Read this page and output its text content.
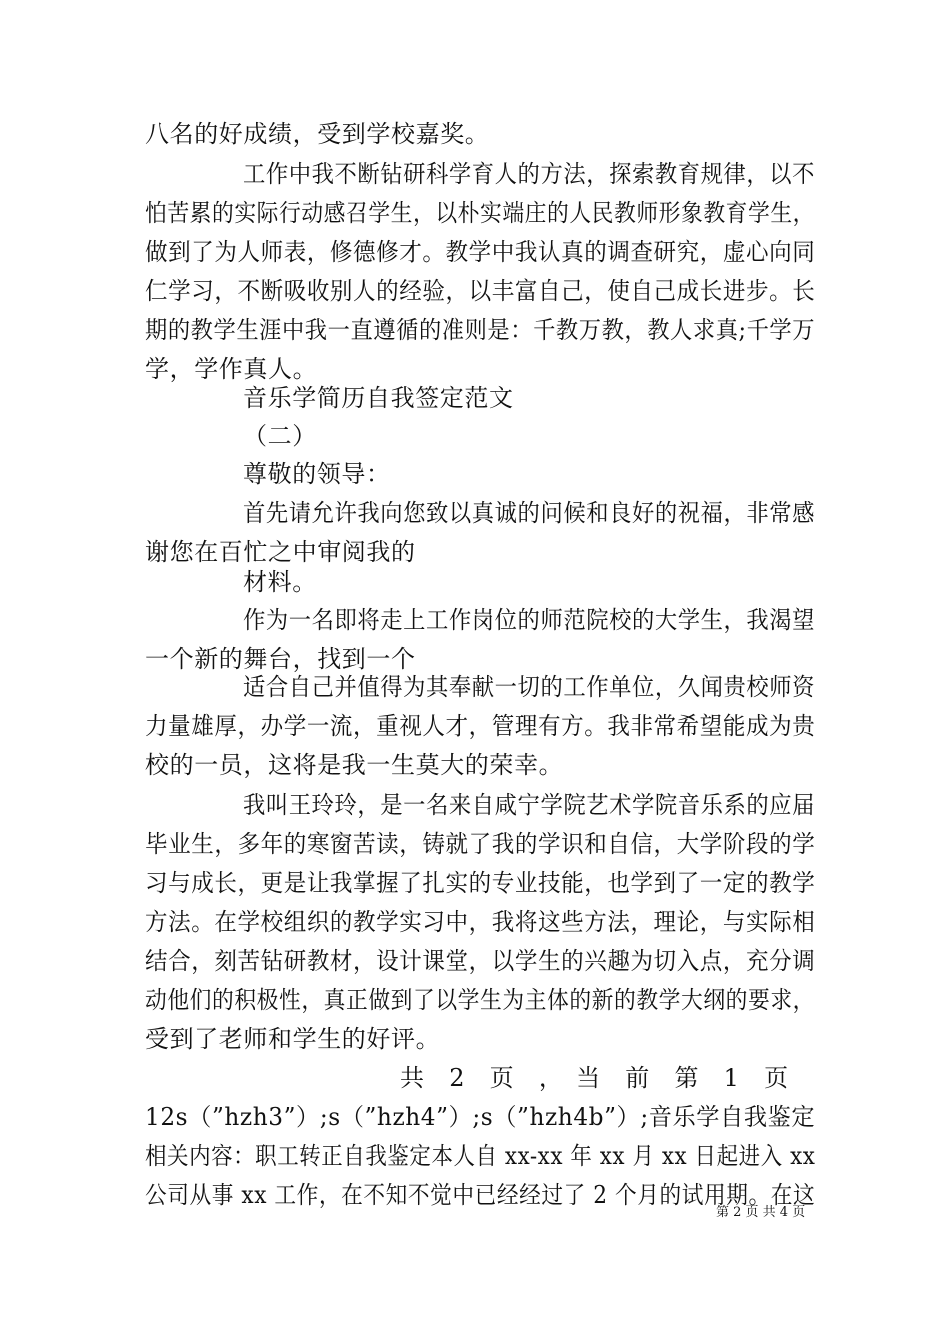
八名的好成绩，受到学校嘉奖。
工作中我不断钻研科学育人的方法，探索教育规律，以不
怕苦累的实际行动感召学生，以朴实端庄的人民教师形象教育学生，
做到了为人师表，修德修才。教学中我认真的调查研究，虚心向同
仁学习，不断吸收别人的经验，以丰富自己，使自己成长进步。长
期的教学生涯中我一直遵循的准则是：千教万教，教人求真;千学万
学，学作真人。
音乐学简历自我签定范文
（二）
尊敬的领导：
首先请允许我向您致以真诚的问候和良好的祝福，非常感
谢您在百忙之中审阅我的
材料。
作为一名即将走上工作岗位的师范院校的大学生，我渴望
一个新的舞台，找到一个
适合自己并值得为其奉献一切的工作单位，久闻贵校师资
力量雄厚，办学一流，重视人才，管理有方。我非常希望能成为贵
校的一员，这将是我一生莫大的荣幸。
我叫王玲玲，是一名来自咸宁学院艺术学院音乐系的应届
毕业生，多年的寒窗苦读，铸就了我的学识和自信，大学阶段的学
习与成长，更是让我掌握了扎实的专业技能，也学到了一定的教学
方法。在学校组织的教学实习中，我将这些方法，理论，与实际相
结合，刻苦钻研教材，设计课堂，以学生的兴趣为切入点，充分调
动他们的积极性，真正做到了以学生为主体的新的教学大纲的要求，
受到了老师和学生的好评。
共　2　页　，　当　前　第　1　页
12s（”hzh3”）;s（”hzh4”）;s（”hzh4b”）;音乐学自我鉴定
相关内容：职工转正自我鉴定本人自 xx-xx 年 xx 月 xx 日起进入 xx
公司从事 xx 工作，在不知不觉中已经经过了 2 个月的试用期。在这
第 2 页 共 4 页
